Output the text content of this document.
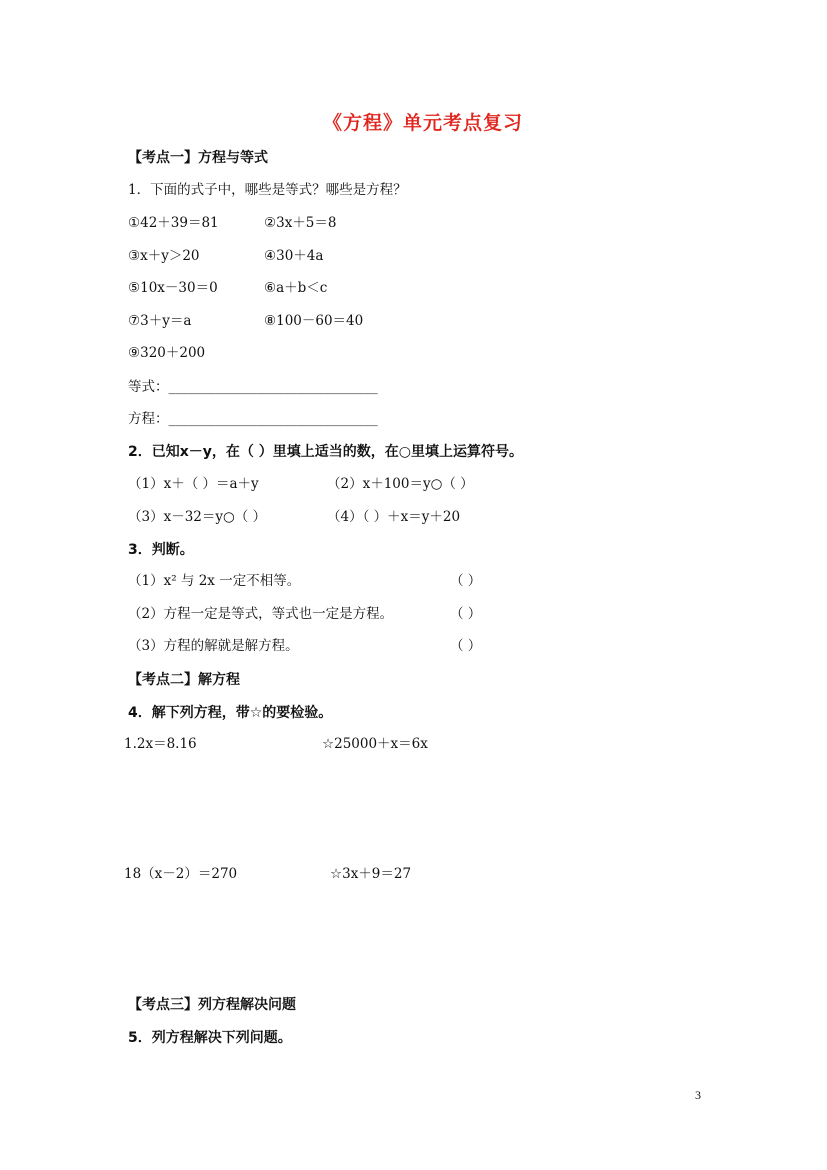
《方程》单元考点复习
【考点一】方程与等式
1．下面的式子中，哪些是等式？哪些是方程？
①42＋39＝81	②3x＋5＝8
③x＋y＞20	④30＋4a
⑤10x－30＝0	⑥a＋b＜c
⑦3＋y＝a	⑧100－60＝40
⑨320＋200
等式：_______________________________
方程：_______________________________
2．已知x－y，在（ ）里填上适当的数，在○里填上运算符号。
（1）x＋（ ）＝a＋y	（2）x＋100＝y○（ ）
（3）x－32＝y○（ ）	（4）（ ）＋x＝y＋20
3．判断。
（1）x² 与 2x 一定不相等。	（ ）
（2）方程一定是等式，等式也一定是方程。	（ ）
（3）方程的解就是解方程。	（ ）
【考点二】解方程
4．解下列方程，带☆的要检验。
1.2x＝8.16	☆25000＋x＝6x
18（x－2）＝270	☆3x＋9＝27
【考点三】列方程解决问题
5．列方程解决下列问题。
3
